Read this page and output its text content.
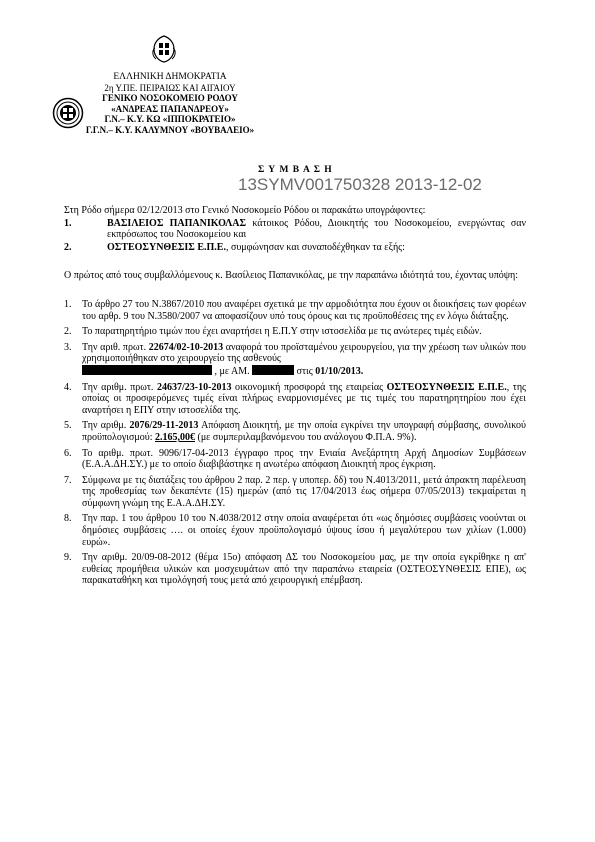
ΕΛΛΗΝΙΚΗ ΔΗΜΟΚΡΑΤΙΑ
2η Υ.ΠΕ. ΠΕΙΡΑΙΩΣ ΚΑΙ ΑΙΓΑΙΟΥ
ΓΕΝΙΚΟ ΝΟΣΟΚΟΜΕΙΟ ΡΟΔΟΥ
«ΑΝΔΡΕΑΣ ΠΑΠΑΝΔΡΕΟΥ»
Γ.Ν.– Κ.Υ. ΚΩ «ΙΠΠΟΚΡΑΤΕΙΟ»
Γ.Γ.Ν.– Κ.Υ. ΚΑΛΥΜΝΟΥ «ΒΟΥΒΑΛΕΙΟ»
Σ Υ Μ Β Α Σ Η
13SYMV001750328 2013-12-02

Στη Ρόδο σήμερα 02/12/2013 στο Γενικό Νοσοκομείο Ρόδου οι παρακάτω υπογράφοντες:

1.	ΒΑΣΙΛΕΙΟΣ ΠΑΠΑΝΙΚΟΛΑΣ κάτοικος Ρόδου, Διοικητής του Νοσοκομείου, ενεργώντας σαν εκπρόσωπος του Νοσοκομείου και
2.	ΟΣΤΕΟΣΥΝΘΕΣΙΣ Ε.Π.Ε., συμφώνησαν και συναποδέχθηκαν τα εξής:

Ο πρώτος από τους συμβαλλόμενους κ. Βασίλειος Παπανικόλας, με την παραπάνω ιδιότητά του, έχοντας υπόψη:

1.	Το άρθρο 27 του Ν.3867/2010 που αναφέρει σχετικά με την αρμοδιότητα που έχουν οι διοικήσεις των φορέων του αρθρ. 9 του Ν.3580/2007 να αποφασίζουν υπό τους όρους και τις προϋποθέσεις της εν λόγω διάταξης.
2.	Το παρατηρητήριο τιμών που έχει αναρτήσει η Ε.Π.Υ στην ιστοσελίδα με τις ανώτερες τιμές ειδών.
3.	Την αριθ. πρωτ. 22674/02-10-2013 αναφορά του προϊσταμένου χειρουργείου, για την χρέωση των υλικών που χρησιμοποιήθηκαν στο χειρουργείο της ασθενούς
, με ΑΜ.	στις 01/10/2013.
4.	Την αριθμ. πρωτ. 24637/23-10-2013 οικονομική προσφορά της εταιρείας ΟΣΤΕΟΣΥΝΘΕΣΙΣ Ε.Π.Ε., της οποίας οι προσφερόμενες τιμές είναι πλήρως εναρμονισμένες με τις τιμές του παρατηρητηρίου που έχει αναρτήσει η ΕΠΥ στην ιστοσελίδα της.
5.	Την αριθμ. 2076/29-11-2013 Απόφαση Διοικητή, με την οποία εγκρίνει την υπογραφή σύμβασης, συνολικού προϋπολογισμού: 2.165,00€ (με συμπεριλαμβανόμενου του ανάλογου Φ.Π.Α. 9%).
6.	Το αριθμ. πρωτ. 9096/17-04-2013 έγγραφο προς την Ενιαία Ανεξάρτητη Αρχή Δημοσίων Συμβάσεων (Ε.Α.Α.ΔΗ.ΣΥ.) με το οποίο διαβιβάστηκε η ανωτέρω απόφαση Διοικητή προς έγκριση.
7.	Σύμφωνα με τις διατάξεις του άρθρου 2 παρ. 2 περ. γ υποπερ. δδ) του Ν.4013/2011, μετά άπρακτη παρέλευση της προθεσμίας των δεκαπέντε (15) ημερών (από τις 17/04/2013 έως σήμερα 07/05/2013) τεκμαίρεται η σύμφωνη γνώμη της Ε.Α.Α.ΔΗ.ΣΥ.
8.	Την παρ. 1 του άρθρου 10 του Ν.4038/2012 στην οποία αναφέρεται ότι «ως δημόσιες συμβάσεις νοούνται οι δημόσιες συμβάσεις …. οι οποίες έχουν προϋπολογισμό ύψους ίσου ή μεγαλύτερου των χιλίων (1.000) ευρώ».
9.	Την αριθμ. 20/09-08-2012 (θέμα 15ο) απόφαση ΔΣ του Νοσοκομείου μας, με την οποία εγκρίθηκε η απ' ευθείας προμήθεια υλικών και μοσχευμάτων από την παραπάνω εταιρεία (ΟΣΤΕΟΣΥΝΘΕΣΙΣ ΕΠΕ), ως παρακαταθήκη και τιμολόγησή τους μετά από χειρουργική επέμβαση.
